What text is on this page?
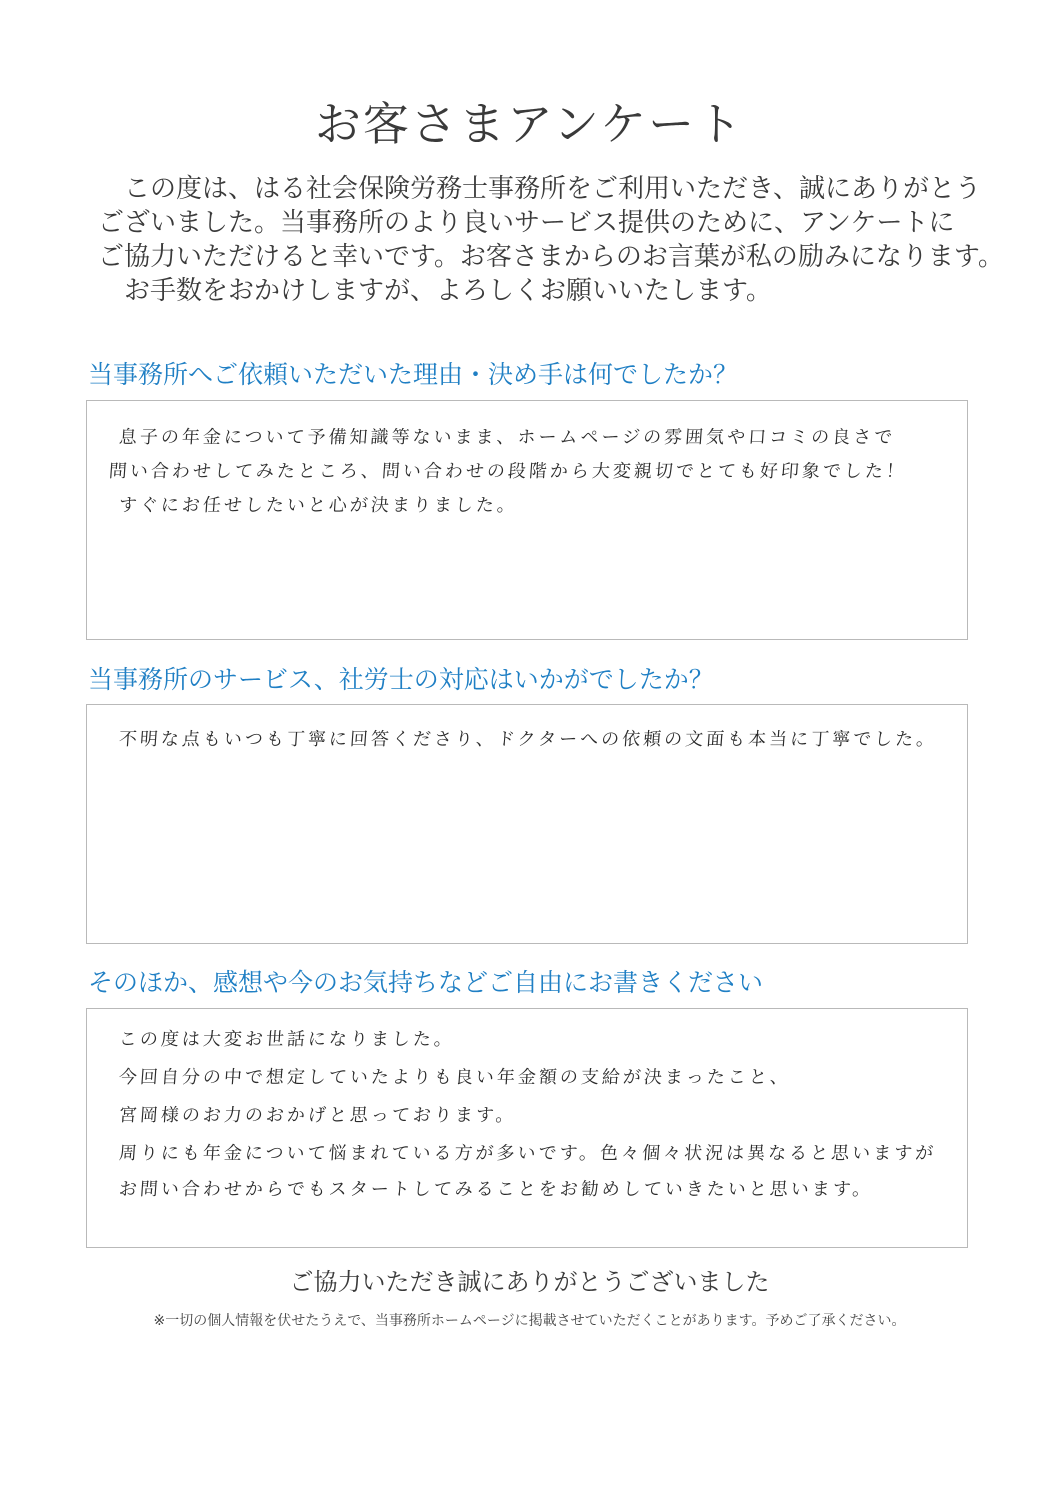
お客さまアンケート

この度は、はる社会保険労務士事務所をご利用いただき、誠にありがとう

ございました。当事務所のより良いサービス提供のために、アンケートに

ご協力いただけると幸いです。お客さまからのお言葉が私の励みになります。

お手数をおかけしますが、よろしくお願いいたします。

当事務所へご依頼いただいた理由・決め手は何でしたか？
息子の年金について予備知識等ないまま、ホームページの雰囲気や口コミの良さで
問い合わせしてみたところ、問い合わせの段階から大変親切でとても好印象でした！
すぐにお任せしたいと心が決まりました。
当事務所のサービス、社労士の対応はいかがでしたか？
不明な点もいつも丁寧に回答くださり、ドクターへの依頼の文面も本当に丁寧でした。
そのほか、感想や今のお気持ちなどご自由にお書きください
この度は大変お世話になりました。
今回自分の中で想定していたよりも良い年金額の支給が決まったこと、
宮岡様のお力のおかげと思っております。
周りにも年金について悩まれている方が多いです。色々個々状況は異なると思いますが
お問い合わせからでもスタートしてみることをお勧めしていきたいと思います。
ご協力いただき誠にありがとうございました
※一切の個人情報を伏せたうえで、当事務所ホームページに掲載させていただくことがあります。予めご了承ください。
